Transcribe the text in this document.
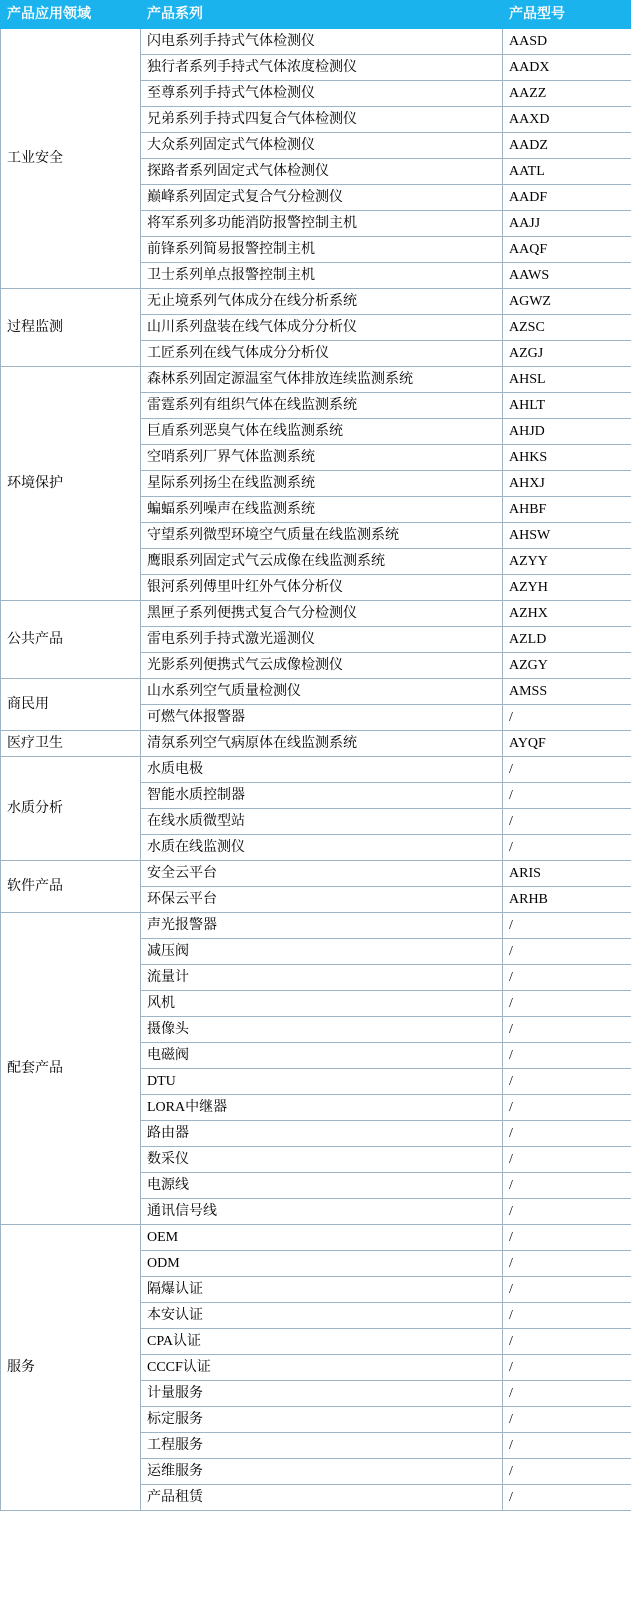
产品应用领域	产品系列	产品型号
工业安全	闪电系列手持式气体检测仪	AASD
	独行者系列手持式气体浓度检测仪	AADX
	至尊系列手持式气体检测仪	AAZZ
	兄弟系列手持式四复合气体检测仪	AAXD
	大众系列固定式气体检测仪	AADZ
	探路者系列固定式气体检测仪	AATL
	巅峰系列固定式复合气分检测仪	AADF
	将军系列多功能消防报警控制主机	AAJJ
	前锋系列简易报警控制主机	AAQF
	卫士系列单点报警控制主机	AAWS
过程监测	无止境系列气体成分在线分析系统	AGWZ
	山川系列盘装在线气体成分分析仪	AZSC
	工匠系列在线气体成分分析仪	AZGJ
环境保护	森林系列固定源温室气体排放连续监测系统	AHSL
	雷霆系列有组织气体在线监测系统	AHLT
	巨盾系列恶臭气体在线监测系统	AHJD
	空哨系列厂界气体监测系统	AHKS
	星际系列扬尘在线监测系统	AHXJ
	蝙蝠系列噪声在线监测系统	AHBF
	守望系列微型环境空气质量在线监测系统	AHSW
	鹰眼系列固定式气云成像在线监测系统	AZYY
	银河系列傅里叶红外气体分析仪	AZYH
公共产品	黑匣子系列便携式复合气分检测仪	AZHX
	雷电系列手持式激光遥测仪	AZLD
	光影系列便携式气云成像检测仪	AZGY
商民用	山水系列空气质量检测仪	AMSS
	可燃气体报警器	/
医疗卫生	清氛系列空气病原体在线监测系统	AYQF
水质分析	水质电极	/
	智能水质控制器	/
	在线水质微型站	/
	水质在线监测仪	/
软件产品	安全云平台	ARIS
	环保云平台	ARHB
配套产品	声光报警器	/
	减压阀	/
	流量计	/
	风机	/
	摄像头	/
	电磁阀	/
	DTU	/
	LORA中继器	/
	路由器	/
	数采仪	/
	电源线	/
	通讯信号线	/
服务	OEM	/
	ODM	/
	隔爆认证	/
	本安认证	/
	CPA认证	/
	CCCF认证	/
	计量服务	/
	标定服务	/
	工程服务	/
	运维服务	/
	产品租赁	/
